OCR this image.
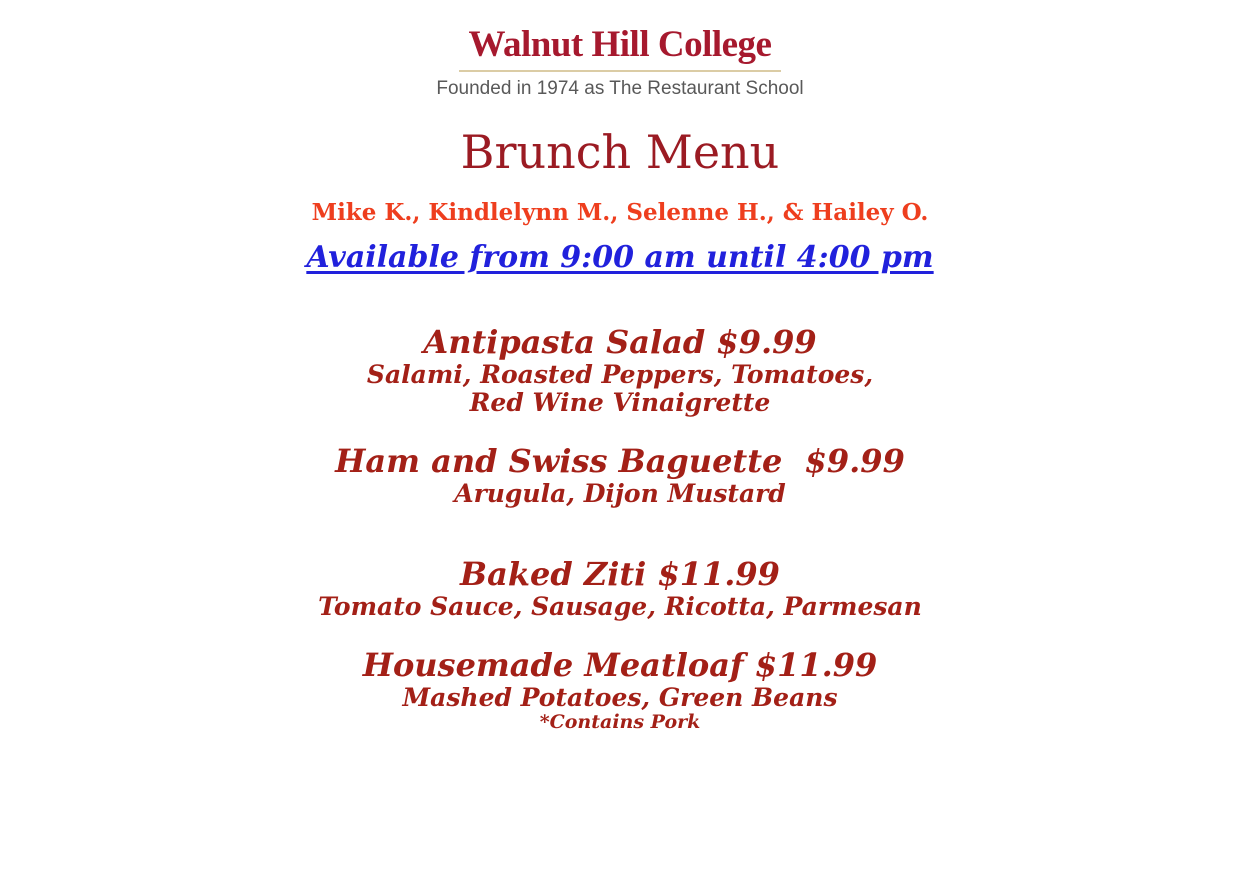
Walnut Hill College
Founded in 1974 as The Restaurant School
Brunch Menu
Mike K., Kindlelynn M., Selenne H., & Hailey O.
Available from 9:00 am until 4:00 pm
Antipasta Salad $9.99
Salami, Roasted Peppers, Tomatoes,
Red Wine Vinaigrette
Ham and Swiss Baguette  $9.99
Arugula, Dijon Mustard
Baked Ziti $11.99
Tomato Sauce, Sausage, Ricotta, Parmesan
Housemade Meatloaf $11.99
Mashed Potatoes, Green Beans
*Contains Pork
